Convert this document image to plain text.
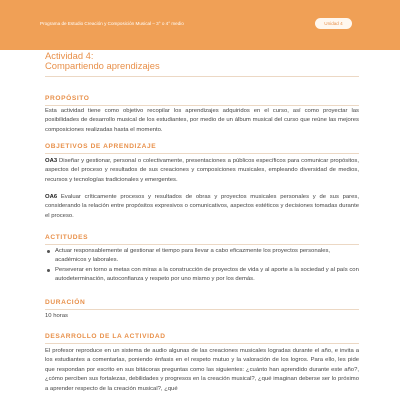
Programa de Estudio Creación y Composición Musical – 3° o 4° medio	Unidad 4
Actividad 4:
Compartiendo aprendizajes
PROPÓSITO

Esta actividad tiene como objetivo recopilar los aprendizajes adquiridos en el curso, así como proyectar las posibilidades de desarrollo musical de los estudiantes, por medio de un álbum musical del curso que reúne las mejores composiciones realizadas hasta el momento.

OBJETIVOS DE APRENDIZAJE

OA3 Diseñar y gestionar, personal o colectivamente, presentaciones a públicos específicos para comunicar propósitos, aspectos del proceso y resultados de sus creaciones y composiciones musicales, empleando diversidad de medios, recursos y tecnologías tradicionales y emergentes.

OA6 Evaluar críticamente procesos y resultados de obras y proyectos musicales personales y de sus pares, considerando la relación entre propósitos expresivos o comunicativos, aspectos estéticos y decisiones tomadas durante el proceso.

ACTITUDES
Actuar responsablemente al gestionar el tiempo para llevar a cabo eficazmente los proyectos personales, académicos y laborales.
Perseverar en torno a metas con miras a la construcción de proyectos de vida y al aporte a la sociedad y al país con autodeterminación, autoconfianza y respeto por uno mismo y por los demás.
DURACIÓN

10 horas

DESARROLLO DE LA ACTIVIDAD

El profesor reproduce en un sistema de audio algunas de las creaciones musicales logradas durante el año, e invita a los estudiantes a comentarlas, poniendo énfasis en el respeto mutuo y la valoración de los logros. Para ello, les pide que respondan por escrito en sus bitácoras preguntas como las siguientes: ¿cuánto han aprendido durante este año?, ¿cómo perciben sus fortalezas, debilidades y progresos en la creación musical?, ¿qué imaginan deberse ser lo próximo a aprender respecto de la creación musical?, ¿qué
